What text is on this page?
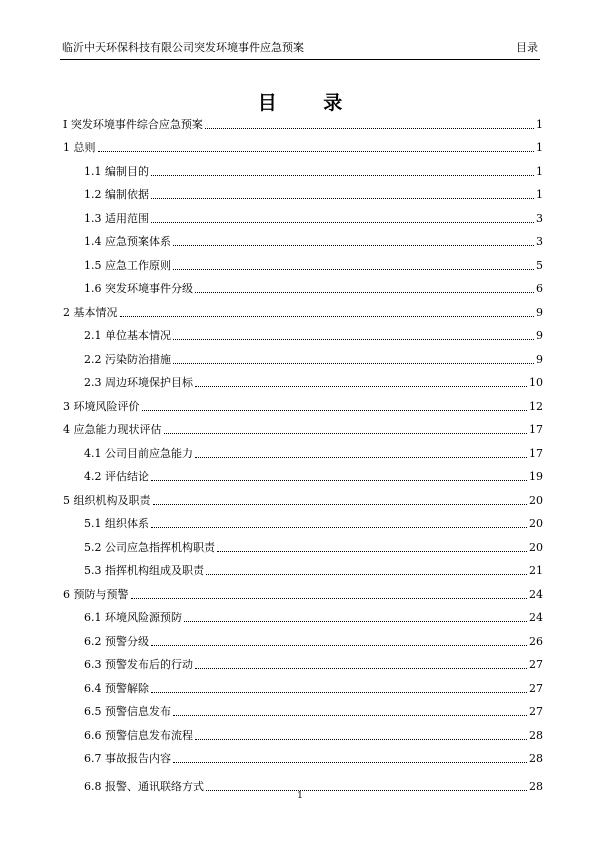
临沂中天环保科技有限公司突发环境事件应急预案	目录
目 录
I 突发环境事件综合应急预案	1
1 总则	1
1.1 编制目的	1
1.2 编制依据	1
1.3 适用范围	3
1.4 应急预案体系	3
1.5 应急工作原则	5
1.6 突发环境事件分级	6
2 基本情况	9
2.1 单位基本情况	9
2.2 污染防治措施	9
2.3 周边环境保护目标	10
3 环境风险评价	12
4 应急能力现状评估	17
4.1 公司目前应急能力	17
4.2 评估结论	19
5 组织机构及职责	20
5.1 组织体系	20
5.2 公司应急指挥机构职责	20
5.3 指挥机构组成及职责	21
6 预防与预警	24
6.1 环境风险源预防	24
6.2 预警分级	26
6.3 预警发布后的行动	27
6.4 预警解除	27
6.5 预警信息发布	27
6.6 预警信息发布流程	28
6.7 事故报告内容	28
6.8 报警、通讯联络方式	28
1
